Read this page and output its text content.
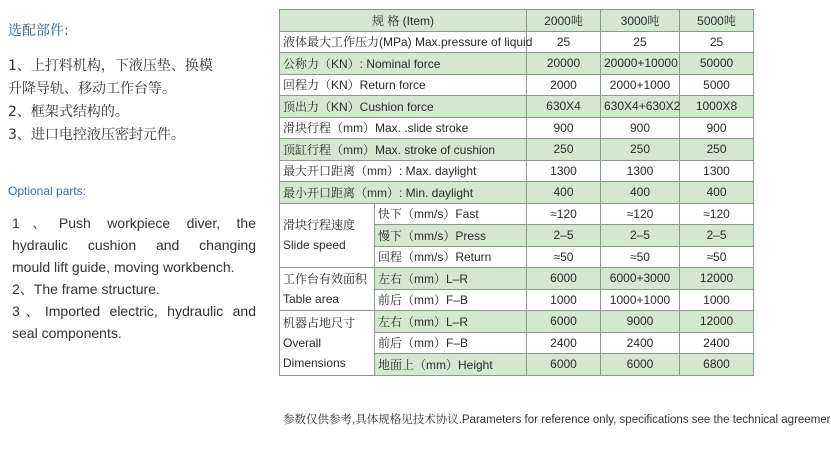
选配部件:
1、上打料机构，下液压垫、换模
升降导轨、移动工作台等。
2、框架式结构的。
3、进口电控液压密封元件。
Optional parts:
1、Push workpiece diver, the
hydraulic cushion and changing
mould lift guide, moving workbench.
2、The frame structure.
3、Imported electric, hydraulic and
seal components.
规 格 (Item)		2000吨	3000吨	5000吨
液体最大工作压力(MPa) Max.pressure of liquid		25	25	25
公称力（KN）: Nominal force		20000	20000+10000	50000
回程力（KN）Return force		2000	2000+1000	5000
顶出力（KN）Cushion force		630X4	630X4+630X2	1000X8
滑块行程（mm）Max. .slide stroke		900	900	900
顶缸行程（mm）Max. stroke of cushion		250	250	250
最大开口距离（mm）: Max. daylight		1300	1300	1300
最小开口距离（mm）: Min. daylight		400	400	400

滑块行程速度
Slide speed	快下（mm/s）Fast	≈120	≈120	≈120
	慢下（mm/s）Press	2–5	2–5	2–5
	回程（mm/s）Return	≈50	≈50	≈50

工作台有效面积
Table area	左右（mm）L–R	6000	6000+3000	12000
	前后（mm）F–B	1000	1000+1000	1000

机器占地尺寸
Overall
Dimensions	左右（mm）L–R	6000	9000	12000
	前后（mm）F–B	2400	2400	2400
	地面上（mm）Height	6000	6000	6800
参数仅供参考,具体规格见技术协议.Parameters for reference only, specifications see the technical agreemer
